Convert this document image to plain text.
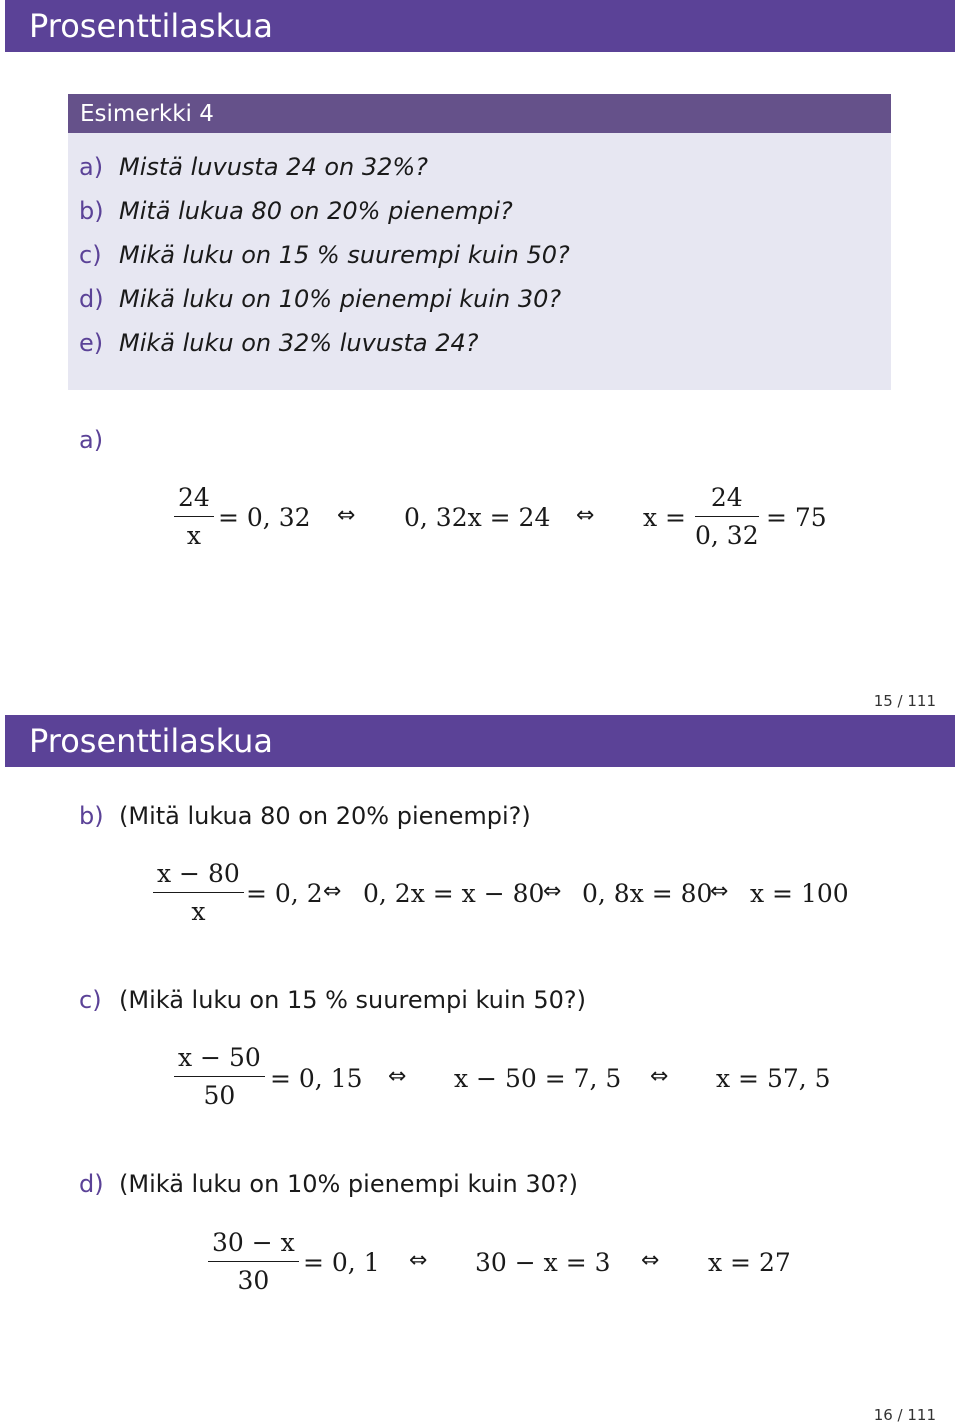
Prosenttilaskua
Esimerkki 4
a) Mistä luvusta 24 on 32%?
b) Mitä lukua 80 on 20% pienempi?
c) Mikä luku on 15 % suurempi kuin 50?
d) Mikä luku on 10% pienempi kuin 30?
e) Mikä luku on 32% luvusta 24?
a)
$\frac{24}{x} = 0$, 32 ⇔ 0, 32x = 24 ⇔ $x = \frac{24}{0, 32} = 75$
15 / 111
Prosenttilaskua
b) (Mitä lukua 80 on 20% pienempi?)
$\frac{x - 80}{x} = 0$, 2 ⇔ 0, 2x = x − 80
⇔ 0, 8x = 80
⇔ x = 100
c) (Mikä luku on 15 % suurempi kuin 50?)
$\frac{x - 50}{50} = 0$, 15 ⇔ x − 50 = 7, 5 ⇔ x = 57, 5
d) (Mikä luku on 10% pienempi kuin 30?)
$\frac{30 - x}{30} = 0$, 1 ⇔ 30 − x = 3 ⇔ x = 27
16 / 111
